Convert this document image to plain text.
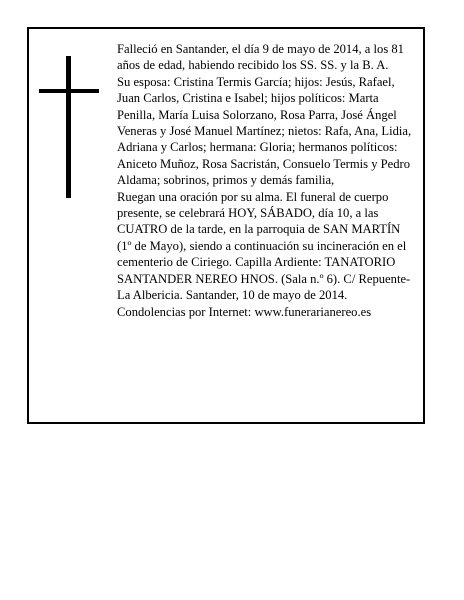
Falleció en Santander, el día 9 de mayo de 2014, a los 81 años de edad, habiendo recibido los SS. SS. y la B. A.

Su esposa: Cristina Termis García; hijos: Jesús, Rafael, Juan Carlos, Cristina e Isabel; hijos políticos: Marta Penilla, María Luisa Solorzano, Rosa Parra, José Ángel Veneras y José Manuel Martínez; nietos: Rafa, Ana, Lidia, Adriana y Carlos; hermana: Gloria; hermanos políticos: Aniceto Muñoz, Rosa Sacristán, Consuelo Termis y Pedro Aldama; sobrinos, primos y demás familia,

Ruegan una oración por su alma. El funeral de cuerpo presente, se celebrará HOY, SÁBADO, día 10, a las CUATRO de la tarde, en la parroquia de SAN MARTÍN (1º de Mayo), siendo a continuación su incineración en el cementerio de Ciriego. Capilla Ardiente: TANATORIO SANTANDER NEREO HNOS. (Sala n.º 6). C/ Repuente-La Albericia. Santander, 10 de mayo de 2014. Condolencias por Internet: www.funerarianereo.es
